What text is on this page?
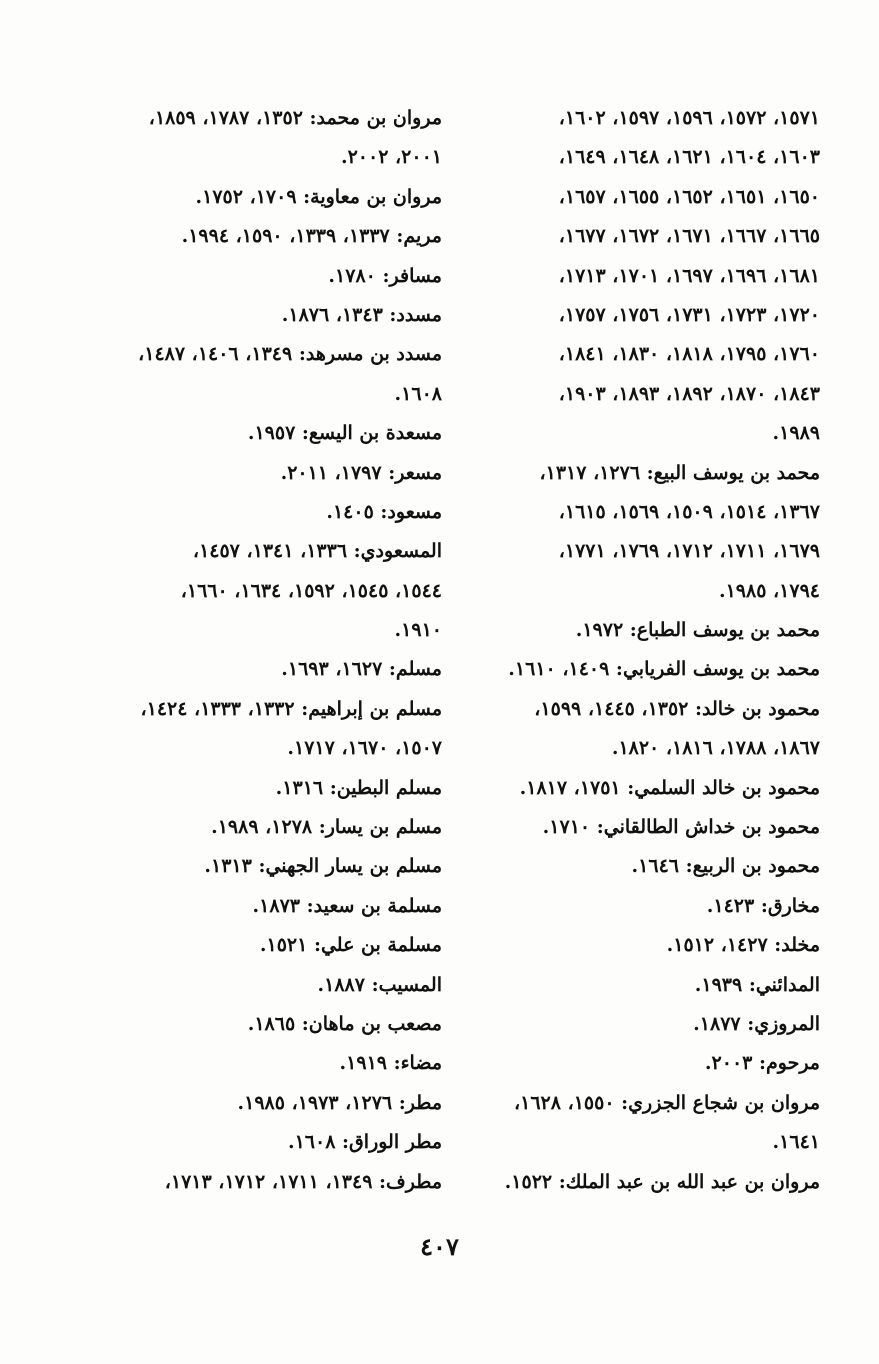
١٥٧١، ١٥٧٢، ١٥٩٦، ١٥٩٧، ١٦٠٢،
١٦٠٣، ١٦٠٤، ١٦٢١، ١٦٤٨، ١٦٤٩،
١٦٥٠، ١٦٥١، ١٦٥٢، ١٦٥٥، ١٦٥٧،
١٦٦٥، ١٦٦٧، ١٦٧١، ١٦٧٢، ١٦٧٧،
١٦٨١، ١٦٩٦، ١٦٩٧، ١٧٠١، ١٧١٣،
١٧٢٠، ١٧٢٣، ١٧٣١، ١٧٥٦، ١٧٥٧،
١٧٦٠، ١٧٩٥، ١٨١٨، ١٨٣٠، ١٨٤١،
١٨٤٣، ١٨٧٠، ١٨٩٢، ١٨٩٣، ١٩٠٣،
١٩٨٩.
محمد بن يوسف البيع: ١٢٧٦، ١٣١٧،
١٣٦٧، ١٥١٤، ١٥٠٩، ١٥٦٩، ١٦١٥،
١٦٧٩، ١٧١١، ١٧١٢، ١٧٦٩، ١٧٧١،
١٧٩٤، ١٩٨٥.
محمد بن يوسف الطباع: ١٩٧٢.
محمد بن يوسف الفريابي: ١٤٠٩، ١٦١٠.
محمود بن خالد: ١٣٥٢، ١٤٤٥، ١٥٩٩،
١٨٦٧، ١٧٨٨، ١٨١٦، ١٨٢٠.
محمود بن خالد السلمي: ١٧٥١، ١٨١٧.
محمود بن خداش الطالقاني: ١٧١٠.
محمود بن الربيع: ١٦٤٦.
مخارق: ١٤٢٣.
مخلد: ١٤٢٧، ١٥١٢.
المدائني: ١٩٣٩.
المروزي: ١٨٧٧.
مرحوم: ٢٠٠٣.
مروان بن شجاع الجزري: ١٥٥٠، ١٦٢٨،
١٦٤١.
مروان بن عبد الله بن عبد الملك: ١٥٢٢.
مروان بن محمد: ١٣٥٢، ١٧٨٧، ١٨٥٩،
٢٠٠١، ٢٠٠٢.
مروان بن معاوية: ١٧٠٩، ١٧٥٢.
مريم: ١٣٣٧، ١٣٣٩، ١٥٩٠، ١٩٩٤.
مسافر: ١٧٨٠.
مسدد: ١٣٤٣، ١٨٧٦.
مسدد بن مسرهد: ١٣٤٩، ١٤٠٦، ١٤٨٧،
١٦٠٨.
مسعدة بن اليسع: ١٩٥٧.
مسعر: ١٧٩٧، ٢٠١١.
مسعود: ١٤٠٥.
المسعودي: ١٣٣٦، ١٣٤١، ١٤٥٧،
١٥٤٤، ١٥٤٥، ١٥٩٢، ١٦٣٤، ١٦٦٠،
١٩١٠.
مسلم: ١٦٢٧، ١٦٩٣.
مسلم بن إبراهيم: ١٣٣٢، ١٣٣٣، ١٤٢٤،
١٥٠٧، ١٦٧٠، ١٧١٧.
مسلم البطين: ١٣١٦.
مسلم بن يسار: ١٢٧٨، ١٩٨٩.
مسلم بن يسار الجهني: ١٣١٣.
مسلمة بن سعيد: ١٨٧٣.
مسلمة بن علي: ١٥٢١.
المسيب: ١٨٨٧.
مصعب بن ماهان: ١٨٦٥.
مضاء: ١٩١٩.
مطر: ١٢٧٦، ١٩٧٣، ١٩٨٥.
مطر الوراق: ١٦٠٨.
مطرف: ١٣٤٩، ١٧١١، ١٧١٢، ١٧١٣،
٤٠٧
